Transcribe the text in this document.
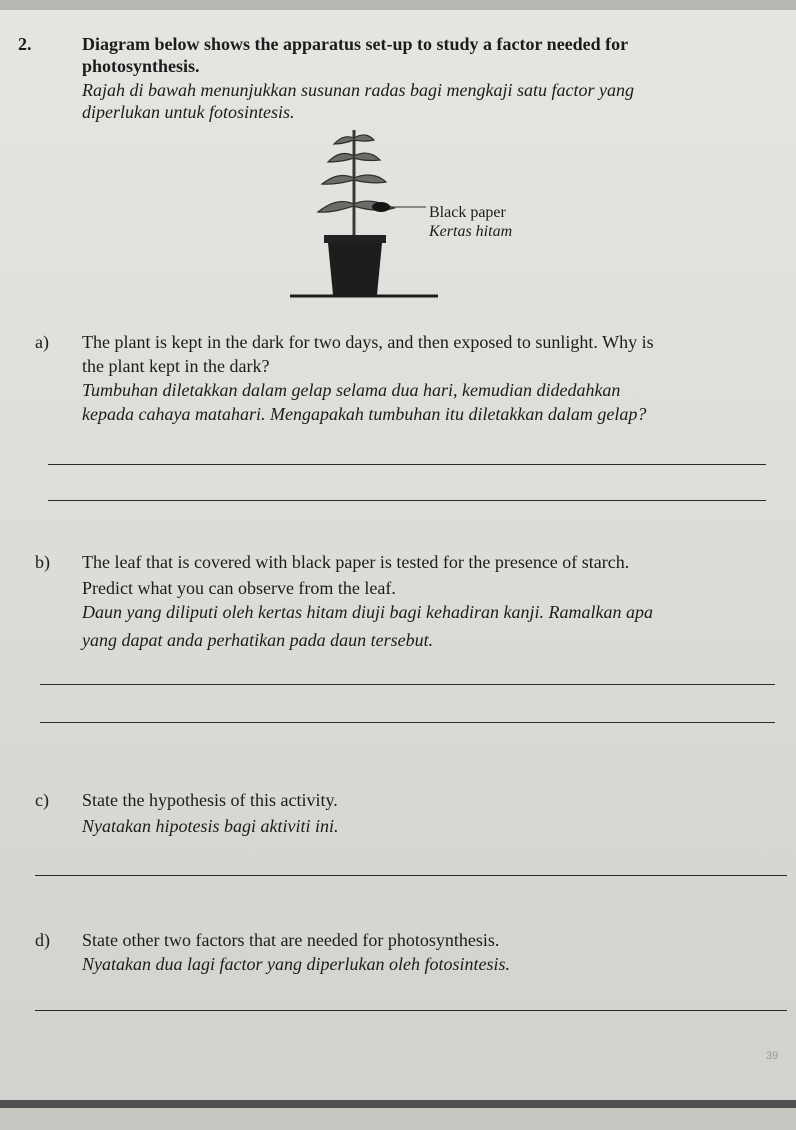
2.	Diagram below shows the apparatus set-up to study a factor needed for
photosynthesis.
Rajah di bawah menunjukkan susunan radas bagi mengkaji satu factor yang
diperlukan untuk fotosintesis.
Black paper
Kertas hitam
a) The plant is kept in the dark for two days, and then exposed to sunlight. Why is
the plant kept in the dark?
Tumbuhan diletakkan dalam gelap selama dua hari, kemudian didedahkan
kepada cahaya matahari. Mengapakah tumbuhan itu diletakkan dalam gelap?
b) The leaf that is covered with black paper is tested for the presence of starch.
Predict what you can observe from the leaf.
Daun yang diliputi oleh kertas hitam diuji bagi kehadiran kanji. Ramalkan apa
yang dapat anda perhatikan pada daun tersebut.
c) State the hypothesis of this activity.
Nyatakan hipotesis bagi aktiviti ini.
d) State other two factors that are needed for photosynthesis.
Nyatakan dua lagi factor yang diperlukan oleh fotosintesis.
39
